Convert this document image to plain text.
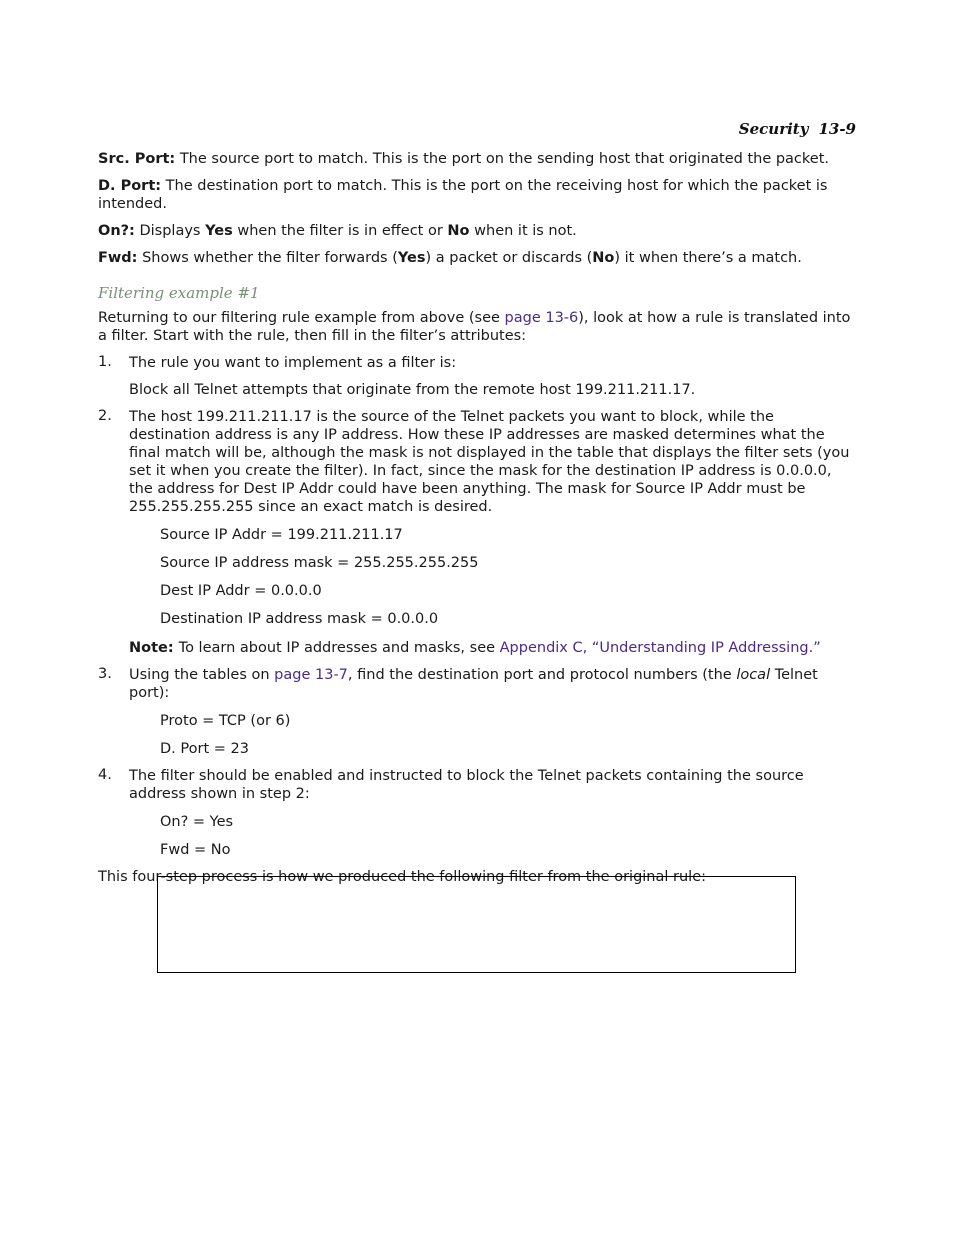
Security 13-9

Src. Port: The source port to match. This is the port on the sending host that originated the packet.

D. Port: The destination port to match. This is the port on the receiving host for which the packet is intended.

On?: Displays Yes when the filter is in effect or No when it is not.

Fwd: Shows whether the filter forwards (Yes) a packet or discards (No) it when there’s a match.

Filtering example #1

Returning to our filtering rule example from above (see page 13-6), look at how a rule is translated into a filter. Start with the rule, then fill in the filter’s attributes:

1. The rule you want to implement as a filter is:

Block all Telnet attempts that originate from the remote host 199.211.211.17.

2. The host 199.211.211.17 is the source of the Telnet packets you want to block, while the destination address is any IP address. How these IP addresses are masked determines what the final match will be, although the mask is not displayed in the table that displays the filter sets (you set it when you create the filter). In fact, since the mask for the destination IP address is 0.0.0.0, the address for Dest IP Addr could have been anything. The mask for Source IP Addr must be 255.255.255.255 since an exact match is desired.

Source IP Addr = 199.211.211.17

Source IP address mask = 255.255.255.255

Dest IP Addr = 0.0.0.0

Destination IP address mask = 0.0.0.0

Note: To learn about IP addresses and masks, see Appendix C, “Understanding IP Addressing.”

3. Using the tables on page 13-7, find the destination port and protocol numbers (the local Telnet port):

Proto = TCP (or 6)

D. Port = 23

4. The filter should be enabled and instructed to block the Telnet packets containing the source address shown in step 2:

On? = Yes

Fwd = No

This four-step process is how we produced the following filter from the original rule:
